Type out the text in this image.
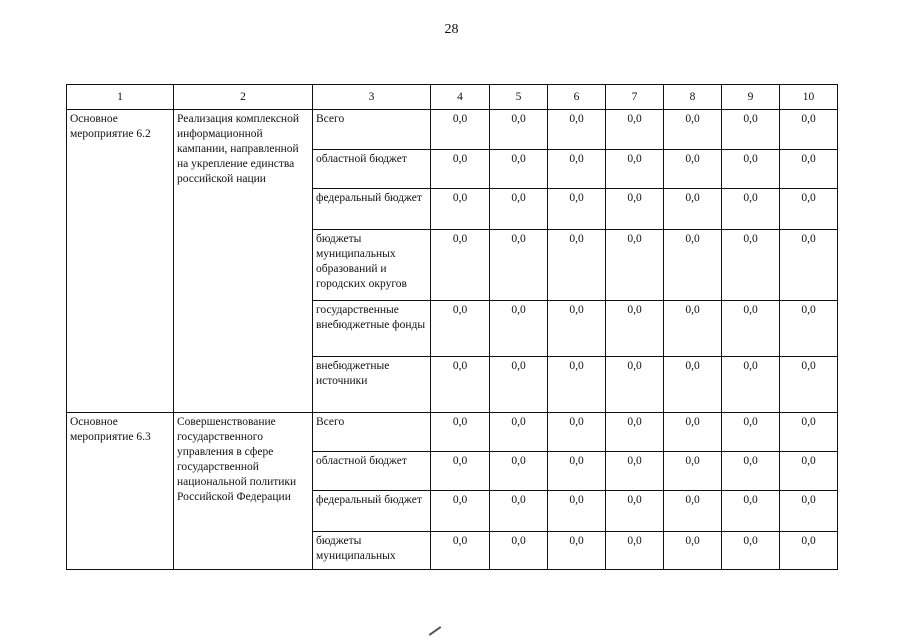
28
1	2	3	4	5	6	7	8	9	10
Основное мероприятие 6.2	Реализация комплексной информационной кампании, направленной на укрепление единства российской нации	Всего	0,0	0,0	0,0	0,0	0,0	0,0	0,0
		областной бюджет	0,0	0,0	0,0	0,0	0,0	0,0	0,0
		федеральный бюджет	0,0	0,0	0,0	0,0	0,0	0,0	0,0
		бюджеты муниципальных образований и городских округов	0,0	0,0	0,0	0,0	0,0	0,0	0,0
		государственные внебюджетные фонды	0,0	0,0	0,0	0,0	0,0	0,0	0,0
		внебюджетные источники	0,0	0,0	0,0	0,0	0,0	0,0	0,0
Основное мероприятие 6.3	Совершенствование государственного управления в сфере государственной национальной политики Российской Федерации	Всего	0,0	0,0	0,0	0,0	0,0	0,0	0,0
		областной бюджет	0,0	0,0	0,0	0,0	0,0	0,0	0,0
		федеральный бюджет	0,0	0,0	0,0	0,0	0,0	0,0	0,0
		бюджеты муниципальных	0,0	0,0	0,0	0,0	0,0	0,0	0,0
